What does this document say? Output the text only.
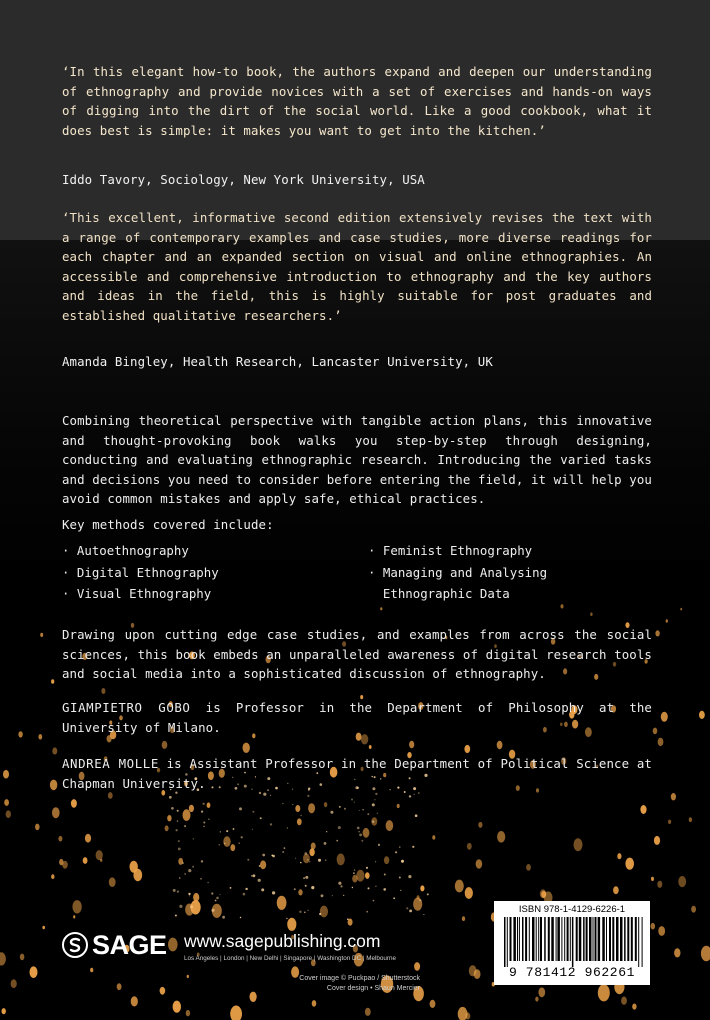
‘In this elegant how-to book, the authors expand and deepen our understanding of ethnography and provide novices with a set of exercises and hands-on ways of digging into the dirt of the social world. Like a good cookbook, what it does best is simple: it makes you want to get into the kitchen.’
Iddo Tavory, Sociology, New York University, USA
‘This excellent, informative second edition extensively revises the text with a range of contemporary examples and case studies, more diverse readings for each chapter and an expanded section on visual and online ethnographies. An accessible and comprehensive introduction to ethnography and the key authors and ideas in the field, this is highly suitable for post graduates and established qualitative researchers.’
Amanda Bingley, Health Research, Lancaster University, UK
Combining theoretical perspective with tangible action plans, this innovative and thought-provoking book walks you step-by-step through designing, conducting and evaluating ethnographic research. Introducing the varied tasks and decisions you need to consider before entering the field, it will help you avoid common mistakes and apply safe, ethical practices.
Key methods covered include:
· Autoethnography
· Digital Ethnography
· Visual Ethnography
· Feminist Ethnography
· Managing and Analysing
Ethnographic Data
Drawing upon cutting edge case studies, and examples from across the social sciences, this book embeds an unparalleled awareness of digital research tools and social media into a sophisticated discussion of ethnography.
GIAMPIETRO GOBO is Professor in the Department of Philosophy at the University of Milano.
ANDREA MOLLE is Assistant Professor in the Department of Political Science at Chapman University.
SAGE www.sagepublishing.com
Los Angeles | London | New Delhi | Singapore | Washington DC | Melbourne
Cover image © Puckpao / Shutterstock
Cover design • Shaun Mercier
ISBN 978-1-4129-6226-1
9 781412 962261
